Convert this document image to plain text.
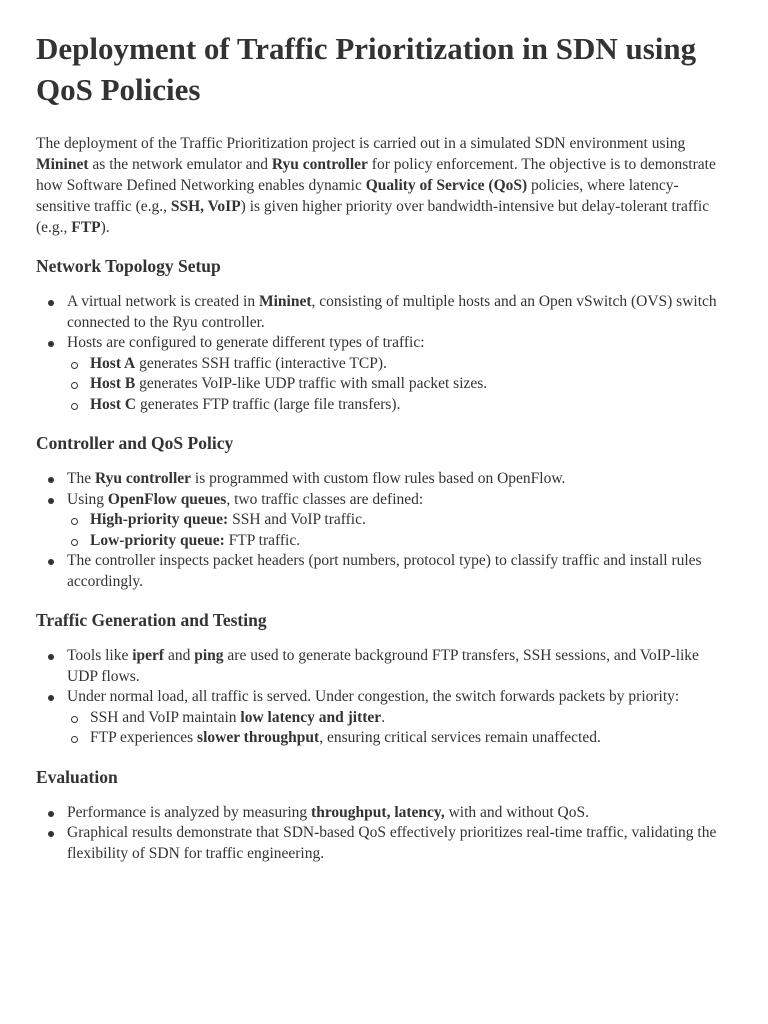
Deployment of Traffic Prioritization in SDN using QoS Policies

The deployment of the Traffic Prioritization project is carried out in a simulated SDN environment using Mininet as the network emulator and Ryu controller for policy enforcement. The objective is to demonstrate how Software Defined Networking enables dynamic Quality of Service (QoS) policies, where latency-sensitive traffic (e.g., SSH, VoIP) is given higher priority over bandwidth-intensive but delay-tolerant traffic (e.g., FTP).

Network Topology Setup
A virtual network is created in Mininet, consisting of multiple hosts and an Open vSwitch (OVS) switch connected to the Ryu controller.
Hosts are configured to generate different types of traffic:
Host A generates SSH traffic (interactive TCP).
Host B generates VoIP-like UDP traffic with small packet sizes.
Host C generates FTP traffic (large file transfers).
Controller and QoS Policy
The Ryu controller is programmed with custom flow rules based on OpenFlow.
Using OpenFlow queues, two traffic classes are defined:
High-priority queue: SSH and VoIP traffic.
Low-priority queue: FTP traffic.
The controller inspects packet headers (port numbers, protocol type) to classify traffic and install rules accordingly.
Traffic Generation and Testing
Tools like iperf and ping are used to generate background FTP transfers, SSH sessions, and VoIP-like UDP flows.
Under normal load, all traffic is served. Under congestion, the switch forwards packets by priority:
SSH and VoIP maintain low latency and jitter.
FTP experiences slower throughput, ensuring critical services remain unaffected.
Evaluation
Performance is analyzed by measuring throughput, latency, with and without QoS.
Graphical results demonstrate that SDN-based QoS effectively prioritizes real-time traffic, validating the flexibility of SDN for traffic engineering.
